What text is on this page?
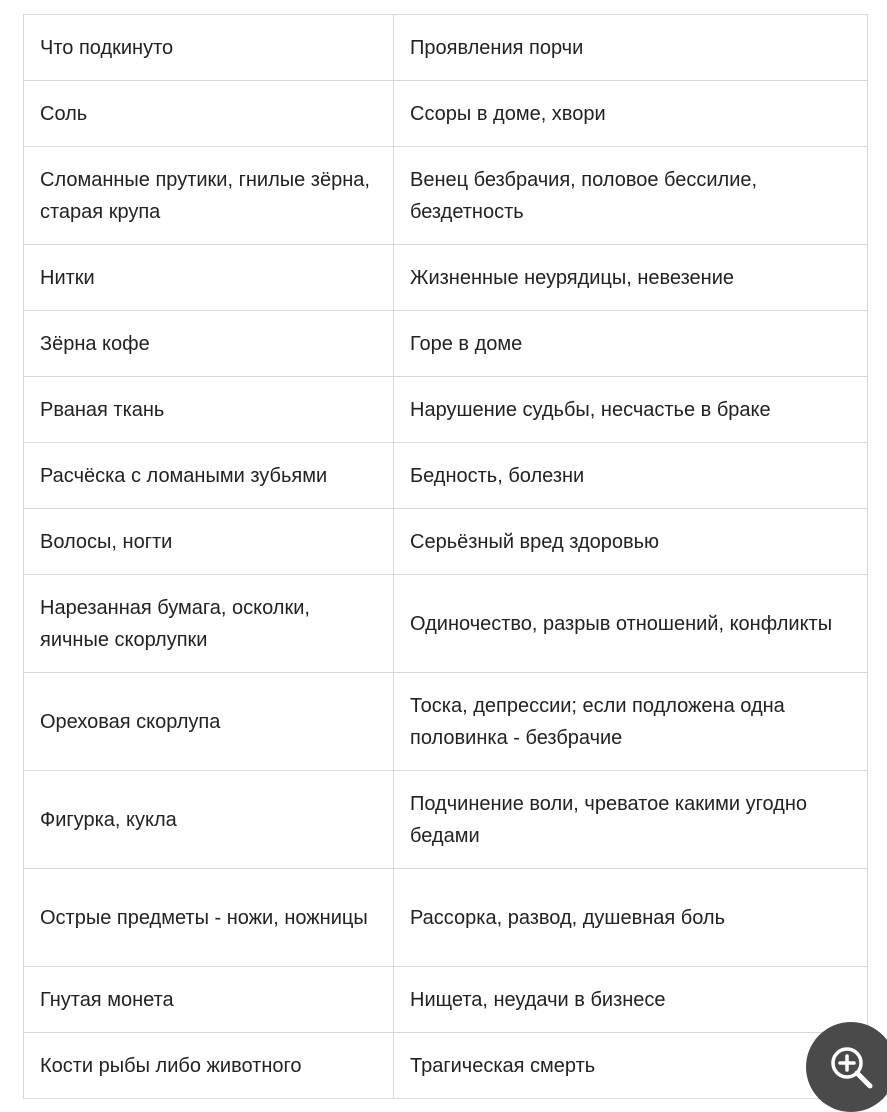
Что подкинуто	Проявления порчи
Соль	Ссоры в доме, хвори
Сломанные прутики, гнилые зёрна, старая крупа	Венец безбрачия, половое бессилие, бездетность
Нитки	Жизненные неурядицы, невезение
Зёрна кофе	Горе в доме
Рваная ткань	Нарушение судьбы, несчастье в браке
Расчёска с ломаными зубьями	Бедность, болезни
Волосы, ногти	Серьёзный вред здоровью
Нарезанная бумага, осколки, яичные скорлупки	Одиночество, разрыв отношений, конфликты
Ореховая скорлупа	Тоска, депрессии; если подложена одна половинка - безбрачие
Фигурка, кукла	Подчинение воли, чреватое какими угодно бедами
Острые предметы - ножи, ножницы	Рассорка, развод, душевная боль
Гнутая монета	Нищета, неудачи в бизнесе
Кости рыбы либо животного	Трагическая смерть
